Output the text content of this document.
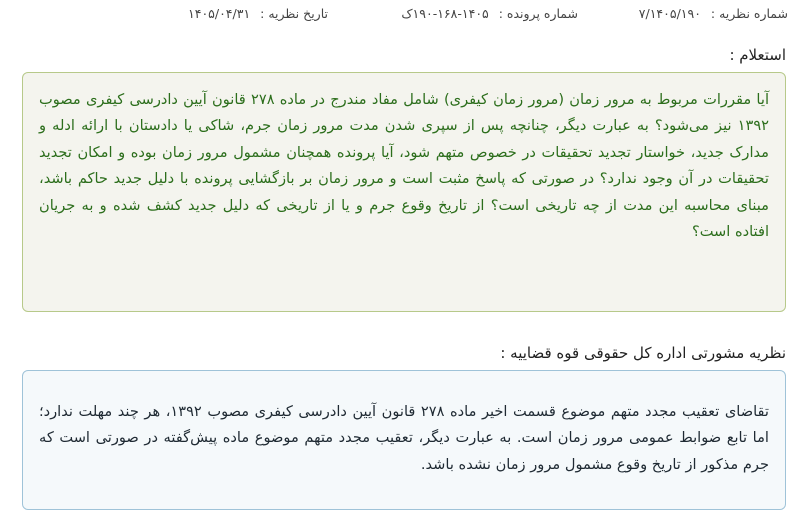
شماره نظریه : ۷/۱۴۰۵/۱۹۰
شماره پرونده : ۱۴۰۵-۱۶۸-۱۹۰ک
تاریخ نظریه : ۱۴۰۵/۰۴/۳۱
استعلام :
آیا مقررات مربوط به مرور زمان (مرور زمان کیفری) شامل مفاد مندرج در ماده ۲۷۸ قانون آیین دادرسی کیفری مصوب ۱۳۹۲ نیز می‌شود؟ به عبارت دیگر، چنانچه پس از سپری شدن مدت مرور زمان جرم، شاکی یا دادستان با ارائه ادله و مدارک جدید، خواستار تجدید تحقیقات در خصوص متهم شود، آیا پرونده همچنان مشمول مرور زمان بوده و امکان تجدید تحقیقات در آن وجود ندارد؟ در صورتی که پاسخ مثبت است و مرور زمان بر بازگشایی پرونده با دلیل جدید حاکم باشد، مبنای محاسبه این مدت از چه تاریخی است؟ از تاریخ وقوع جرم و یا از تاریخی که دلیل جدید کشف شده و به جریان افتاده است؟
نظریه مشورتی اداره کل حقوقی قوه قضاییه :
تقاضای تعقیب مجدد متهم موضوع قسمت اخیر ماده ۲۷۸ قانون آیین دادرسی کیفری مصوب ۱۳۹۲، هر چند مهلت ندارد؛ اما تابع ضوابط عمومی مرور زمان است. به عبارت دیگر، تعقیب مجدد متهم موضوع ماده پیش‌گفته در صورتی است که جرم مذکور از تاریخ وقوع مشمول مرور زمان نشده باشد.
